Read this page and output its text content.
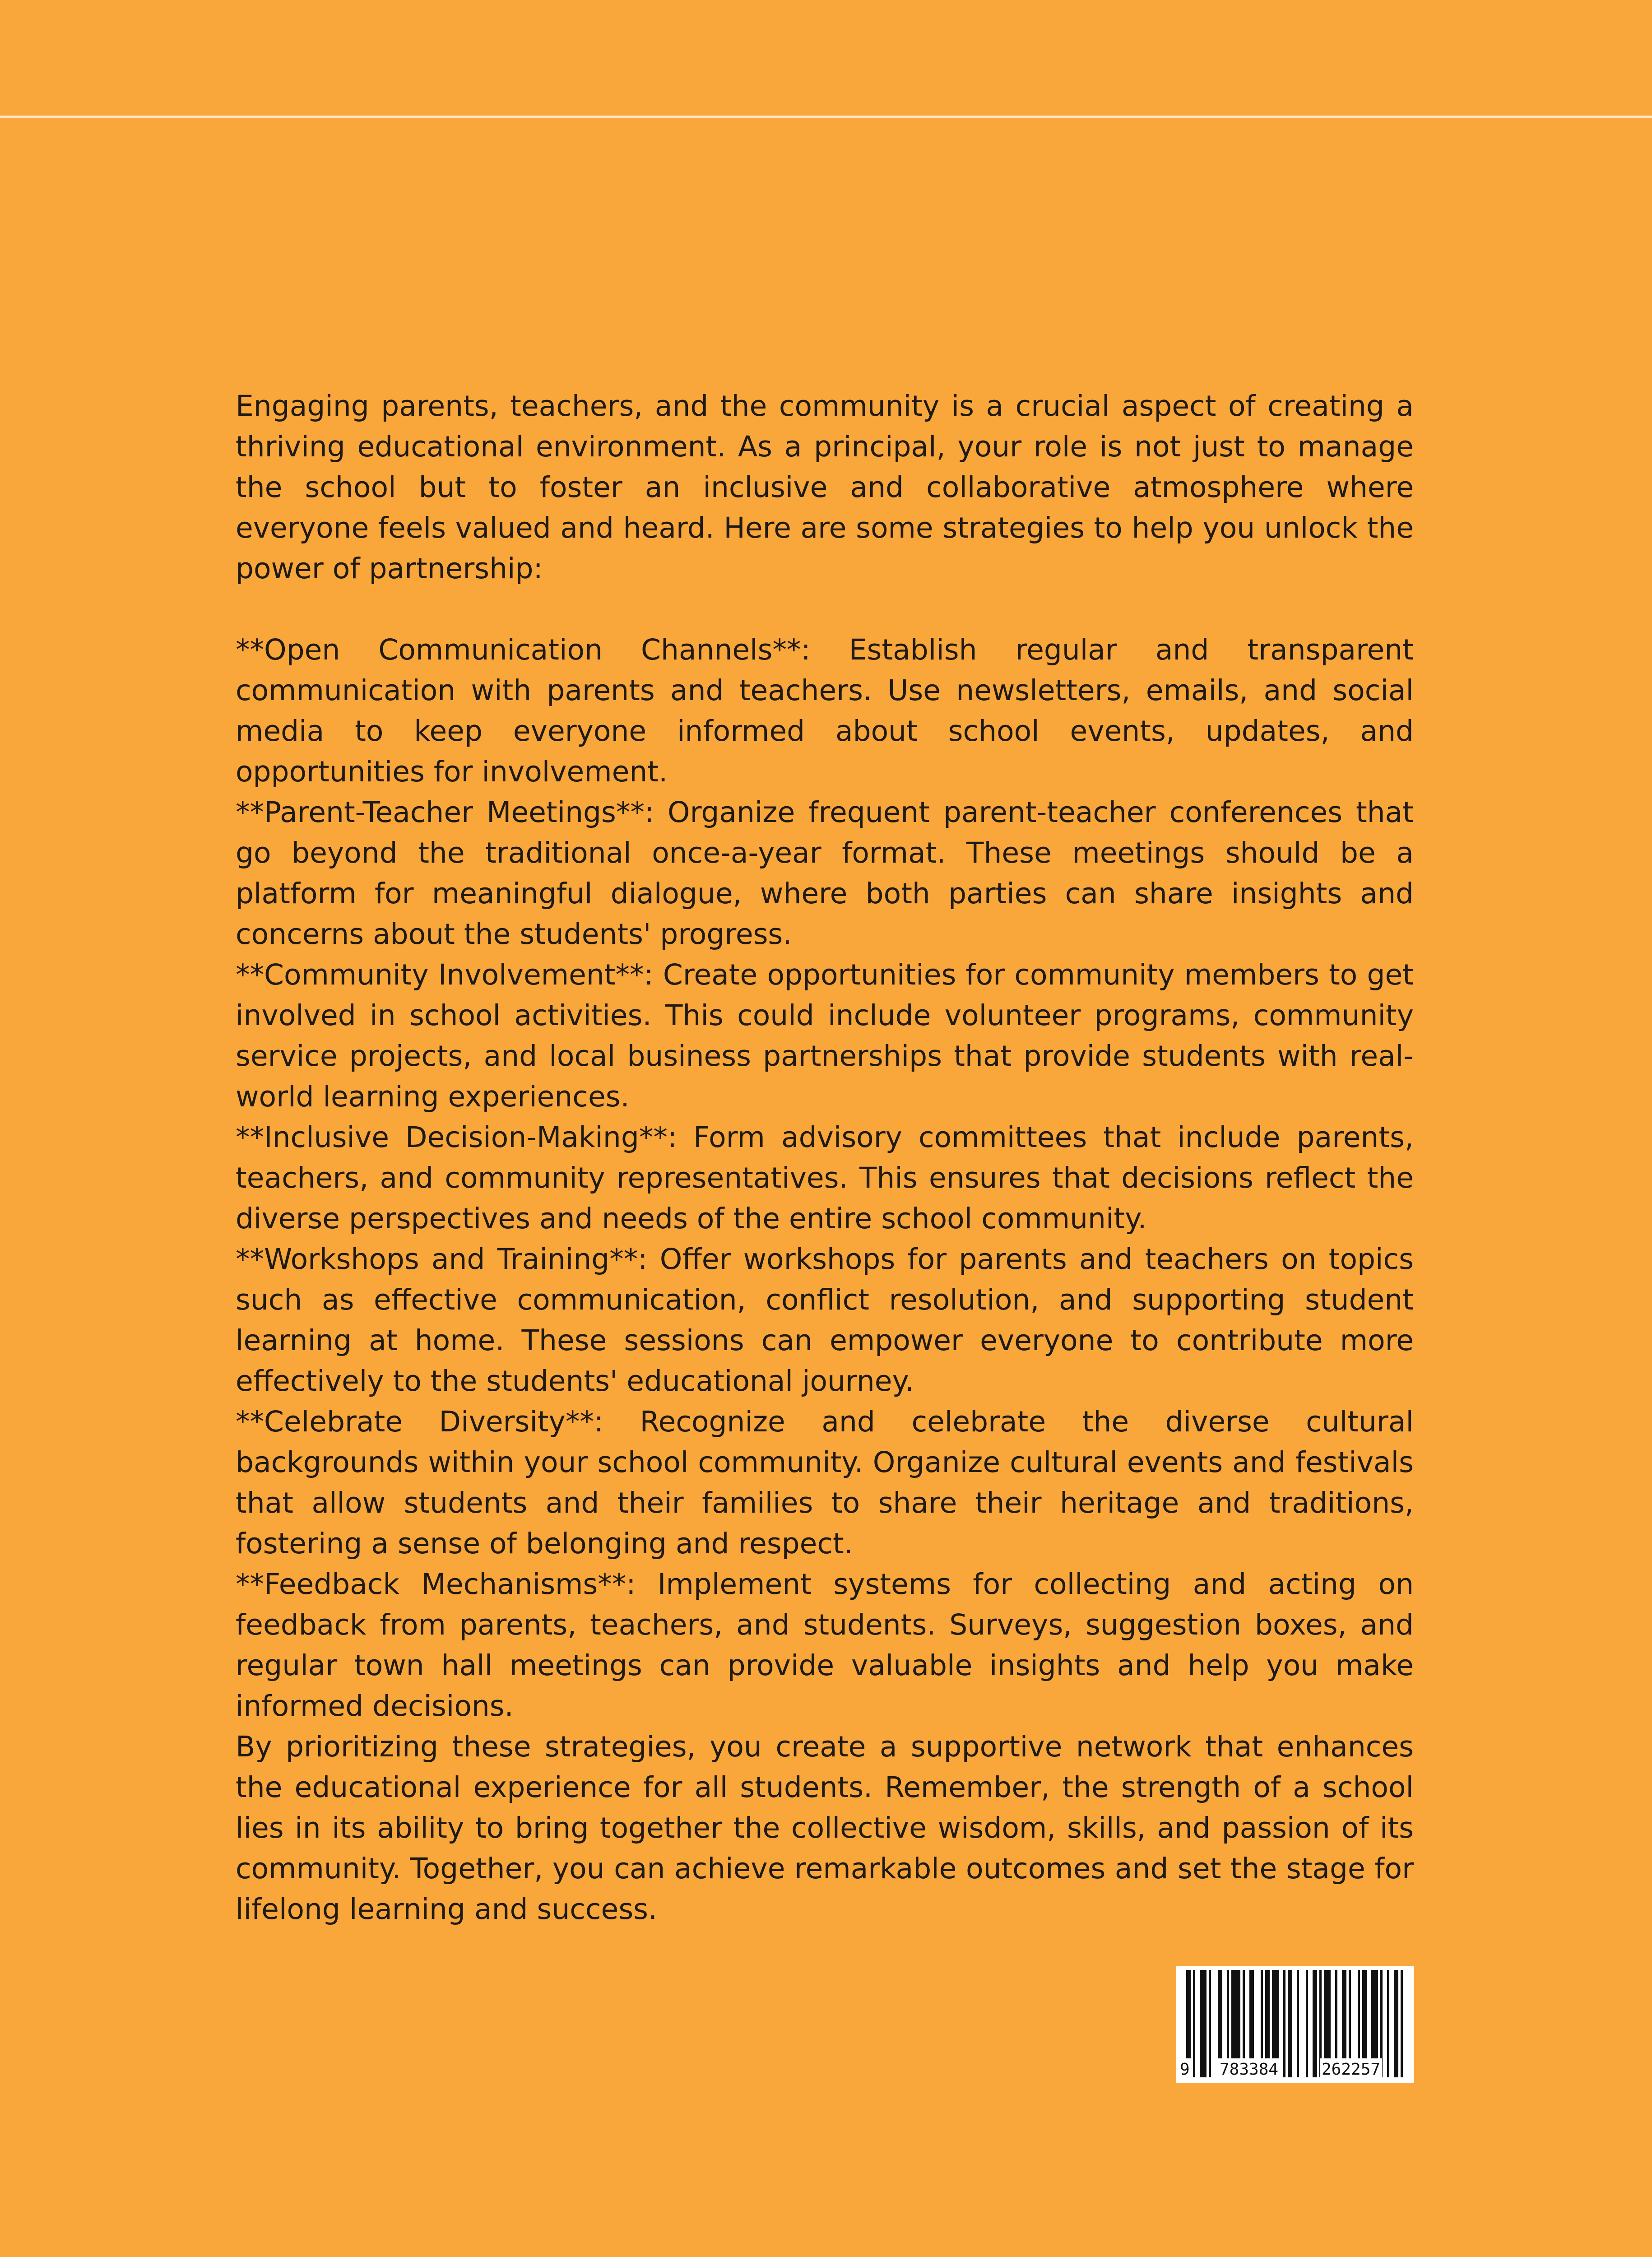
Engaging parents, teachers, and the community is a crucial aspect of creating a thriving educational environment. As a principal, your role is not just to manage the school but to foster an inclusive and collaborative atmosphere where everyone feels valued and heard. Here are some strategies to help you unlock the power of partnership:

**Open Communication Channels**: Establish regular and transparent communication with parents and teachers. Use newsletters, emails, and social media to keep everyone informed about school events, updates, and opportunities for involvement.

**Parent-Teacher Meetings**: Organize frequent parent-teacher conferences that go beyond the traditional once-a-year format. These meetings should be a platform for meaningful dialogue, where both parties can share insights and concerns about the students' progress.

**Community Involvement**: Create opportunities for community members to get involved in school activities. This could include volunteer programs, community service projects, and local business partnerships that provide students with real-world learning experiences.

**Inclusive Decision-Making**: Form advisory committees that include parents, teachers, and community representatives. This ensures that decisions reflect the diverse perspectives and needs of the entire school community.

**Workshops and Training**: Offer workshops for parents and teachers on topics such as effective communication, conflict resolution, and supporting student learning at home. These sessions can empower everyone to contribute more effectively to the students' educational journey.

**Celebrate Diversity**: Recognize and celebrate the diverse cultural backgrounds within your school community. Organize cultural events and festivals that allow students and their families to share their heritage and traditions, fostering a sense of belonging and respect.

**Feedback Mechanisms**: Implement systems for collecting and acting on feedback from parents, teachers, and students. Surveys, suggestion boxes, and regular town hall meetings can provide valuable insights and help you make informed decisions.

By prioritizing these strategies, you create a supportive network that enhances the educational experience for all students. Remember, the strength of a school lies in its ability to bring together the collective wisdom, skills, and passion of its community. Together, you can achieve remarkable outcomes and set the stage for lifelong learning and success.

9 783384	262257
